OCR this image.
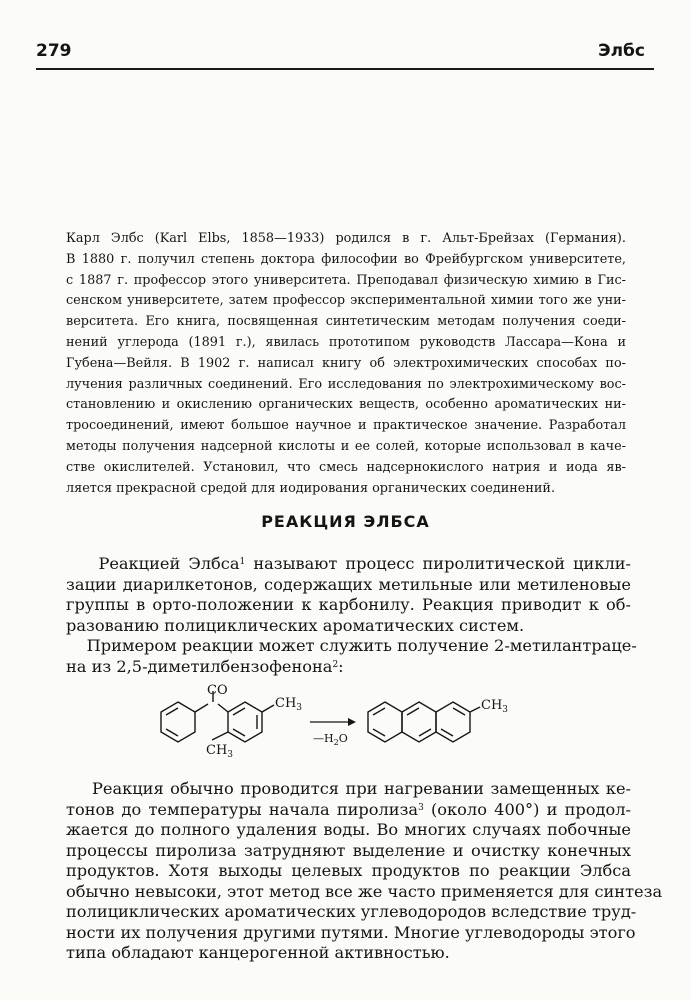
279	Элбс
Карл Элбс (Karl Elbs, 1858—1933) родился в г. Альт-Брейзах (Германия).
В 1880 г. получил степень доктора философии во Фрейбургском университете,
с 1887 г. профессор этого университета. Преподавал физическую химию в Гис-
сенском университете, затем профессор экспериментальной химии того же уни-
верситета. Его книга, посвященная синтетическим методам получения соеди-
нений углерода (1891 г.), явилась прототипом руководств Лассара—Кона и
Губена—Вейля. В 1902 г. написал книгу об электрохимических способах по-
лучения различных соединений. Его исследования по электрохимическому вос-
становлению и окислению органических веществ, особенно ароматических ни-
тросоединений, имеют большое научное и практическое значение. Разработал
методы получения надсерной кислоты и ее солей, которые использовал в каче-
стве окислителей. Установил, что смесь надсернокислого натрия и иода яв-
ляется прекрасной средой для иодирования органических соединений.
РЕАКЦИЯ ЭЛБСА
Реакцией Элбса$^1$ называют процесс пиролитической цикли-
зации диарилкетонов, содержащих метильные или метиленовые
группы в орто-положении к карбонилу. Реакция приводит к об-
разованию полициклических ароматических систем.
Примером реакции может служить получение 2-метилантраце-
на из 2,5-диметилбензофенона$^2$:
CO
$CH_3$
$CH_3$
$—H_2O$
$CH_3$
Реакция обычно проводится при нагревании замещенных ке-
тонов до температуры начала пиролиза$^3$ (около 400°) и продол-
жается до полного удаления воды. Во многих случаях побочные
процессы пиролиза затрудняют выделение и очистку конечных
продуктов. Хотя выходы целевых продуктов по реакции Элбса
обычно невысоки, этот метод все же часто применяется для синтеза
полициклических ароматических углеводородов вследствие труд-
ности их получения другими путями. Многие углеводороды этого
типа обладают канцерогенной активностью.
